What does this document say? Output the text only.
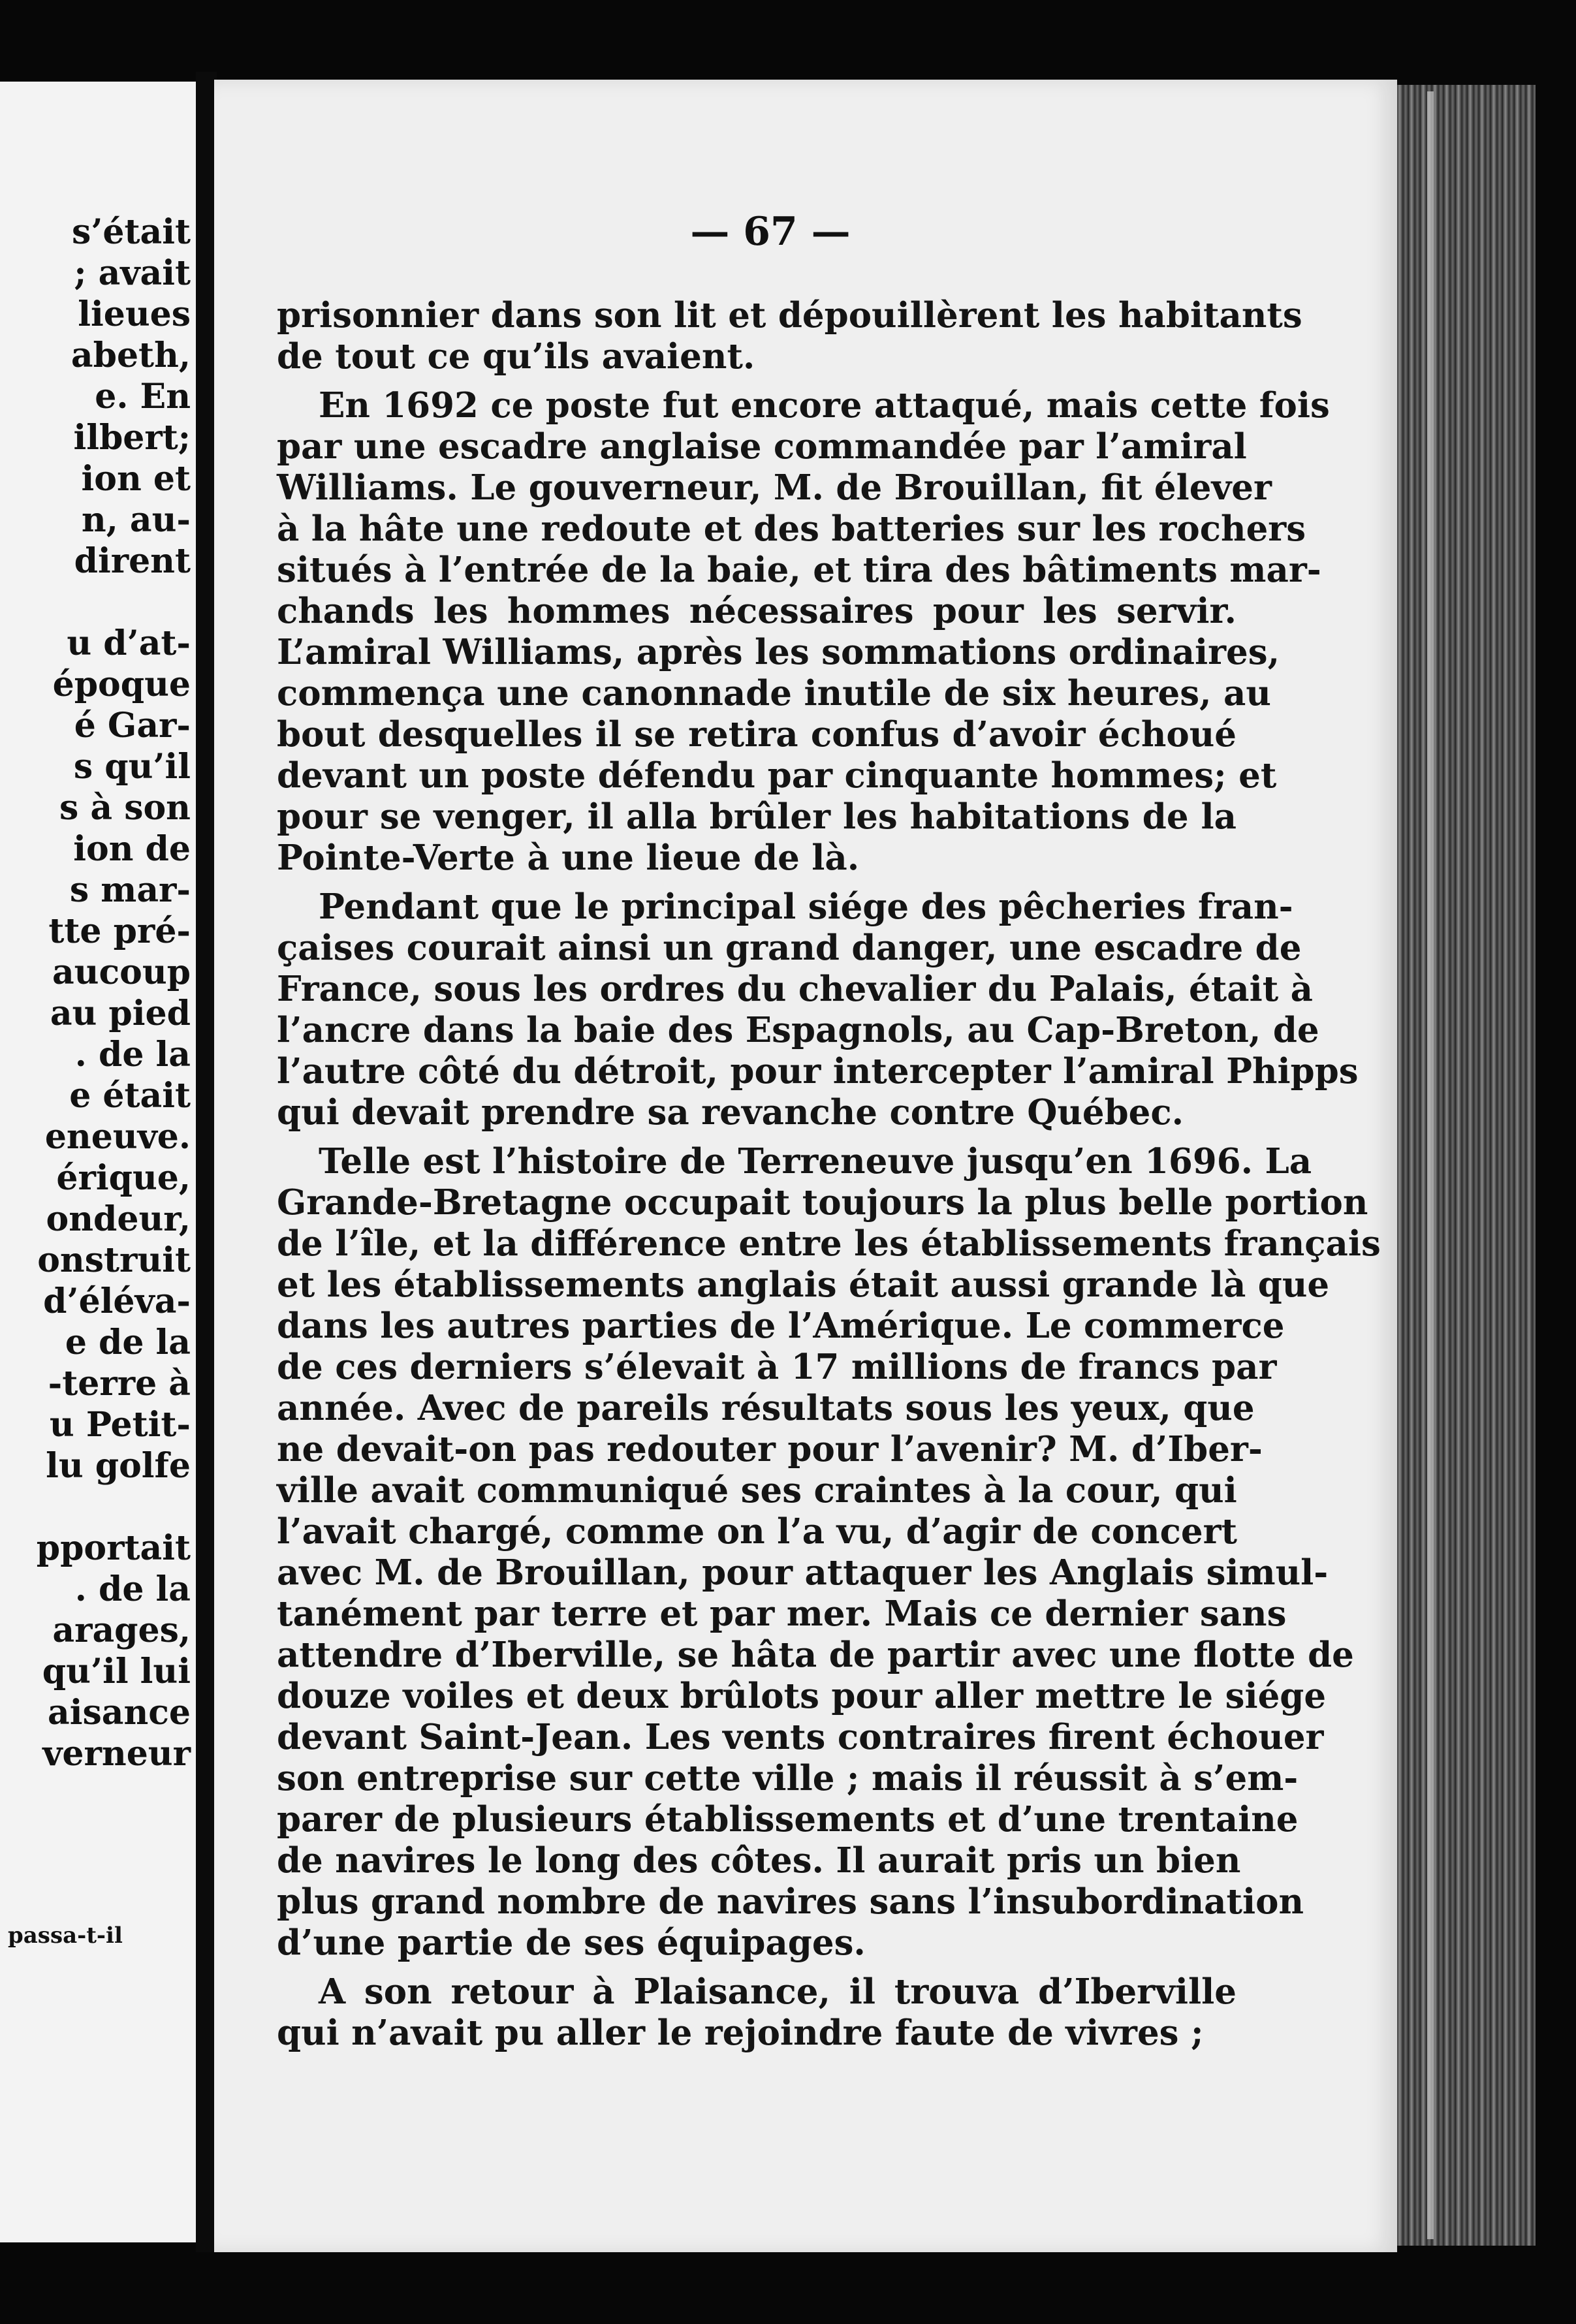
s’était
; avait
lieues
abeth,
e. En
ilbert;
ion et
n, au-
dirent
u d’at-
époque
é Gar-
s qu’il
s à son
ion de
s mar-
tte pré-
aucoup
au pied
. de la
e était
eneuve.
érique,
ondeur,
onstruit
d’éléva-
e de la
-terre à
u Petit-
lu golfe
pportait
. de la
arages,
qu’il lui
aisance
verneur
passa-t-il
— 67 —
prisonnier dans son lit et dépouillèrent les habitants
de tout ce qu’ils avaient.
En 1692 ce poste fut encore attaqué, mais cette fois
par une escadre anglaise commandée par l’amiral
Williams. Le gouverneur, M. de Brouillan, fit élever
à la hâte une redoute et des batteries sur les rochers
situés à l’entrée de la baie, et tira des bâtiments mar-
chands les hommes nécessaires pour les servir.
L’amiral Williams, après les sommations ordinaires,
commença une canonnade inutile de six heures, au
bout desquelles il se retira confus d’avoir échoué
devant un poste défendu par cinquante hommes; et
pour se venger, il alla brûler les habitations de la
Pointe-Verte à une lieue de là.
Pendant que le principal siége des pêcheries fran-
çaises courait ainsi un grand danger, une escadre de
France, sous les ordres du chevalier du Palais, était à
l’ancre dans la baie des Espagnols, au Cap-Breton, de
l’autre côté du détroit, pour intercepter l’amiral Phipps
qui devait prendre sa revanche contre Québec.
Telle est l’histoire de Terreneuve jusqu’en 1696. La
Grande-Bretagne occupait toujours la plus belle portion
de l’île, et la différence entre les établissements français
et les établissements anglais était aussi grande là que
dans les autres parties de l’Amérique. Le commerce
de ces derniers s’élevait à 17 millions de francs par
année. Avec de pareils résultats sous les yeux, que
ne devait-on pas redouter pour l’avenir? M. d’Iber-
ville avait communiqué ses craintes à la cour, qui
l’avait chargé, comme on l’a vu, d’agir de concert
avec M. de Brouillan, pour attaquer les Anglais simul-
tanément par terre et par mer. Mais ce dernier sans
attendre d’Iberville, se hâta de partir avec une flotte de
douze voiles et deux brûlots pour aller mettre le siége
devant Saint-Jean. Les vents contraires firent échouer
son entreprise sur cette ville ; mais il réussit à s’em-
parer de plusieurs établissements et d’une trentaine
de navires le long des côtes. Il aurait pris un bien
plus grand nombre de navires sans l’insubordination
d’une partie de ses équipages.
A son retour à Plaisance, il trouva d’Iberville
qui n’avait pu aller le rejoindre faute de vivres ;
